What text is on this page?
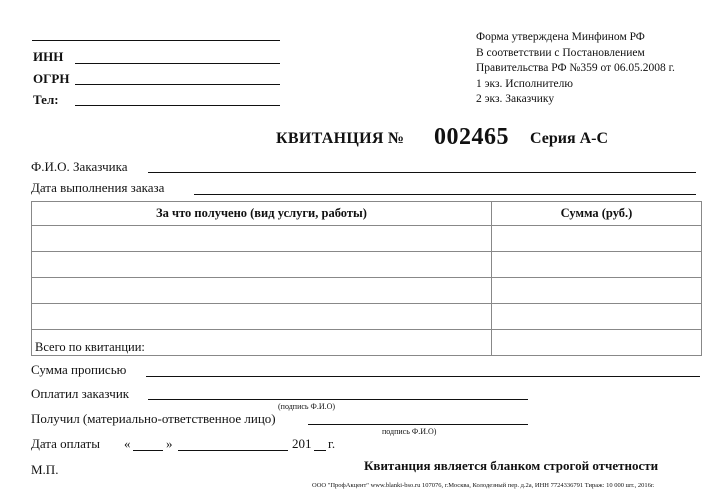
ИНН
ОГРН
Тел:
Форма утверждена Минфином РФ
В соответствии с Постановлением
Правительства РФ №359 от 06.05.2008 г.
1 экз. Исполнителю
2 экз. Заказчику
КВИТАНЦИЯ № 002465 Серия А-С
Ф.И.О. Заказчика
Дата выполнения заказа
За что получено (вид услуги, работы)	Сумма (руб.)

Всего по квитанции:	
Сумма прописью
Оплатил заказчик
(подпись Ф.И.О)
Получил (материально-ответственное лицо)
подпись Ф.И.О)
Дата оплаты «	»	201 г.
М.П.	Квитанция является бланком строгой отчетности
ООО "ПрофАкцент" www.blanki-bso.ru 107076, г.Москва, Колодезный пер. д.2а, ИНН 7724336791 Тираж: 10 000 шт., 2016г.
